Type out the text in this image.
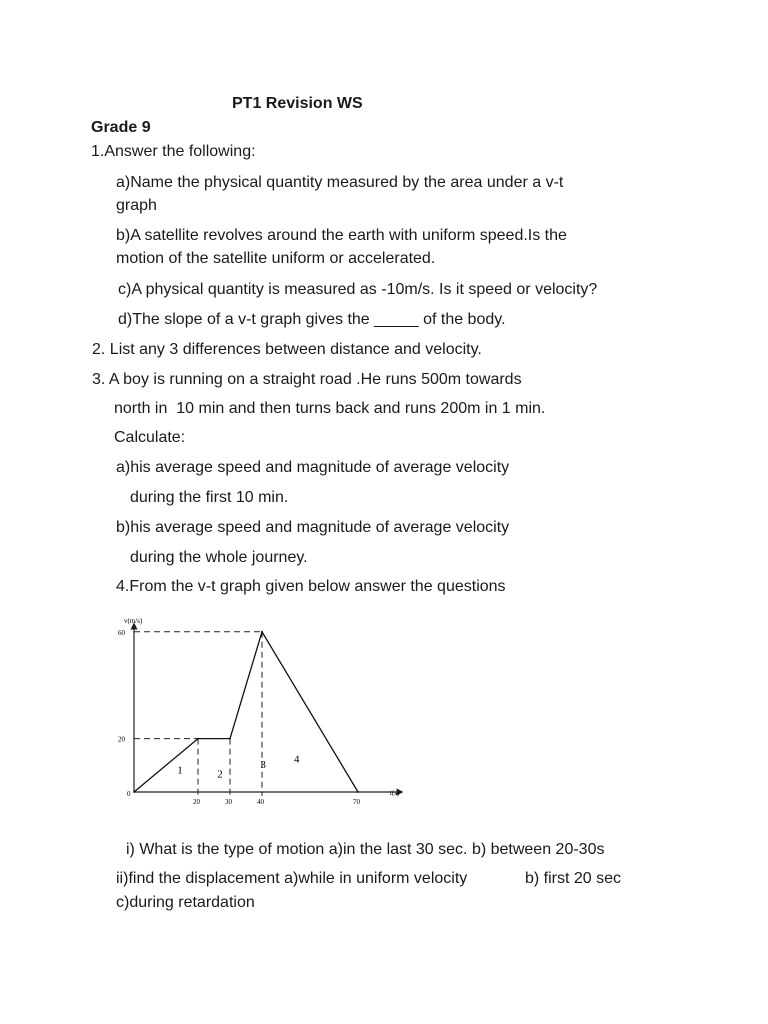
PT1 Revision WS
Grade 9
1.Answer the following:
a)Name the physical quantity measured by the area under a v-t
graph
b)A satellite revolves around the earth with uniform speed.Is the
motion of the satellite uniform or accelerated.
c)A physical quantity is measured as -10m/s. Is it speed or velocity?
d)The slope of a v-t graph gives the _____ of the body.
2. List any 3 differences between distance and velocity.
3. A boy is running on a straight road .He runs 500m towards
north in  10 min and then turns back and runs 200m in 1 min.
Calculate:
a)his average speed and magnitude of average velocity
during the first 10 min.
b)his average speed and magnitude of average velocity
during the whole journey.
4.From the v-t graph given below answer the questions
v(m/s)
t(s)
0
60
20
20	30	40	70
1	2
3	4
i) What is the type of motion a)in the last 30 sec. b) between 20-30s
ii)find the displacement a)while in uniform velocity	b) first 20 sec
c)during retardation
